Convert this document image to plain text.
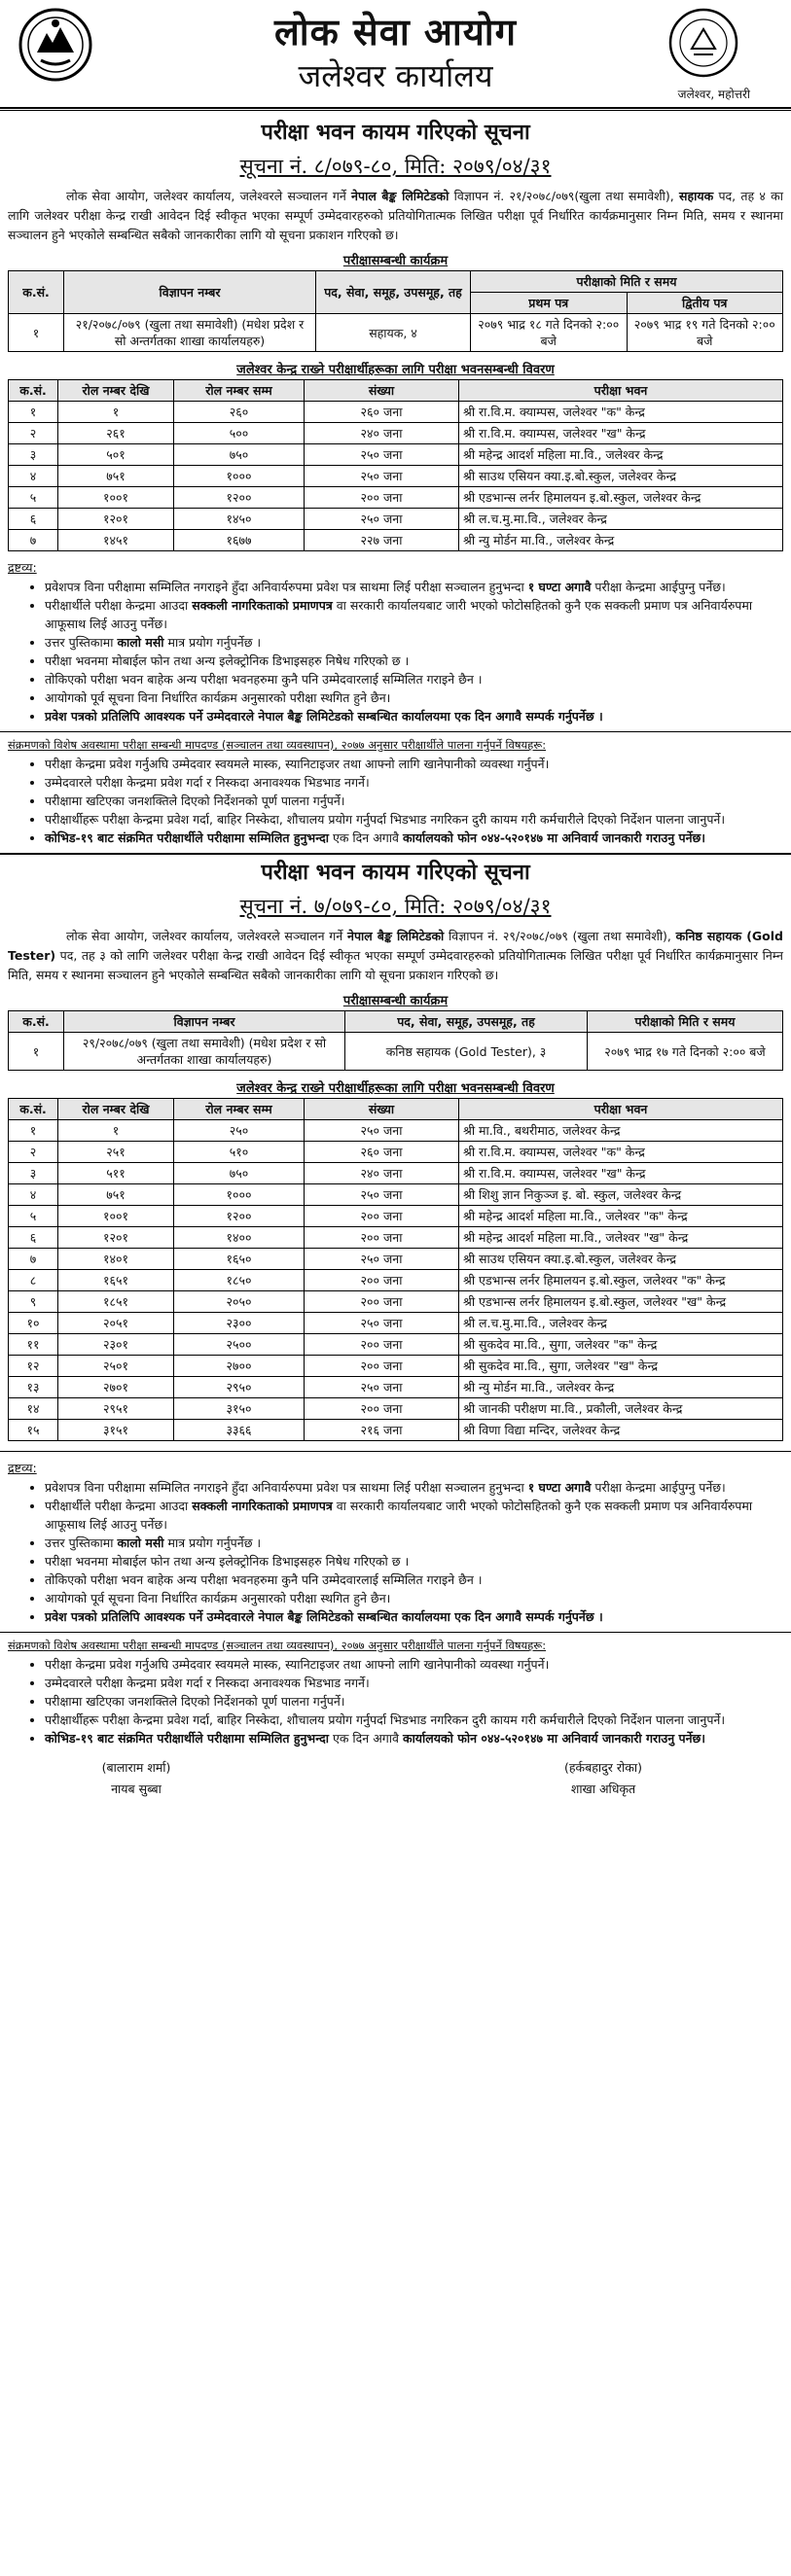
लोक सेवा आयोग
जलेश्वर कार्यालय	जलेश्वर, महोत्तरी
परीक्षा भवन कायम गरिएको सूचना
सूचना नं. ८/०७९-८०, मिति: २०७९/०४/३१

लोक सेवा आयोग, जलेश्वर कार्यालय, जलेश्वरले सञ्चालन गर्ने नेपाल बैङ्क लिमिटेडको विज्ञापन नं. २१/२०७८/०७९(खुला तथा समावेशी), सहायक पद, तह ४ का लागि जलेश्वर परीक्षा केन्द्र राखी आवेदन दिई स्वीकृत भएका सम्पूर्ण उम्मेदवारहरुको प्रतियोगितात्मक लिखित परीक्षा पूर्व निर्धारित कार्यक्रमानुसार निम्न मिति, समय र स्थानमा सञ्चालन हुने भएकोले सम्बन्धित सबैको जानकारीका लागि यो सूचना प्रकाशन गरिएको छ।

परीक्षासम्बन्धी कार्यक्रम
क.सं.	विज्ञापन नम्बर	पद, सेवा, समूह, उपसमूह, तह	परीक्षाको मिति र समय	
			प्रथम पत्र	द्वितीय पत्र
१	२१/२०७८/०७९ (खुला तथा समावेशी) (मधेश प्रदेश र सो अन्तर्गतका शाखा कार्यालयहरु)	सहायक, ४	२०७९ भाद्र १८ गते दिनको २:०० बजे	२०७९ भाद्र १९ गते दिनको २:०० बजे
जलेश्वर केन्द्र राख्ने परीक्षार्थीहरूका लागि परीक्षा भवनसम्बन्धी विवरण
क.सं.	रोल नम्बर देखि	रोल नम्बर सम्म	संख्या	परीक्षा भवन
१	१	२६०	२६० जना	श्री रा.वि.म. क्याम्पस, जलेश्वर "क" केन्द्र
२	२६१	५००	२४० जना	श्री रा.वि.म. क्याम्पस, जलेश्वर "ख" केन्द्र
३	५०१	७५०	२५० जना	श्री महेन्द्र आदर्श महिला मा.वि., जलेश्वर केन्द्र
४	७५१	१०००	२५० जना	श्री साउथ एसियन क्या.इ.बो.स्कुल, जलेश्वर केन्द्र
५	१००१	१२००	२०० जना	श्री एडभान्स लर्नर हिमालयन इ.बो.स्कुल, जलेश्वर केन्द्र
६	१२०१	१४५०	२५० जना	श्री ल.च.मु.मा.वि., जलेश्वर केन्द्र
७	१४५१	१६७७	२२७ जना	श्री न्यु मोर्डन मा.वि., जलेश्वर केन्द्र
द्रष्टव्य:
• प्रवेशपत्र विना परीक्षामा सम्मिलित नगराइने हुँदा अनिवार्यरुपमा प्रवेश पत्र साथमा लिई परीक्षा सञ्चालन हुनुभन्दा १ घण्टा अगावै परीक्षा केन्द्रमा आईपुग्नु पर्नेछ।
• परीक्षार्थीले परीक्षा केन्द्रमा आउदा सक्कली नागरिकताको प्रमाणपत्र वा सरकारी कार्यालयबाट जारी भएको फोटोसहितको कुनै एक सक्कली प्रमाण पत्र अनिवार्यरुपमा आफूसाथ लिई आउनु पर्नेछ।
• उत्तर पुस्तिकामा कालो मसी मात्र प्रयोग गर्नुपर्नेछ ।
• परीक्षा भवनमा मोबाईल फोन तथा अन्य इलेक्ट्रोनिक डिभाइसहरु निषेध गरिएको छ ।
• तोकिएको परीक्षा भवन बाहेक अन्य परीक्षा भवनहरुमा कुनै पनि उम्मेदवारलाई सम्मिलित गराइने छैन ।
• आयोगको पूर्व सूचना विना निर्धारित कार्यक्रम अनुसारको परीक्षा स्थगित हुने छैन।
• प्रवेश पत्रको प्रतिलिपि आवश्यक पर्ने उम्मेदवारले नेपाल बैङ्क लिमिटेडको सम्बन्धित कार्यालयमा एक दिन अगावै सम्पर्क गर्नुपर्नेछ ।
संक्रमणको विशेष अवस्थामा परीक्षा सम्बन्धी मापदण्ड (सञ्चालन तथा व्यवस्थापन), २०७७ अनुसार परीक्षार्थीले पालना गर्नुपर्ने विषयहरू:
• परीक्षा केन्द्रमा प्रवेश गर्नुअघि उम्मेदवार स्वयमले मास्क, स्यानिटाइजर तथा आफ्नो लागि खानेपानीको व्यवस्था गर्नुपर्ने।
• उम्मेदवारले परीक्षा केन्द्रमा प्रवेश गर्दा र निस्कदा अनावश्यक भिडभाड नगर्ने।
• परीक्षामा खटिएका जनशक्तिले दिएको निर्देशनको पूर्ण पालना गर्नुपर्ने।
• परीक्षार्थीहरू परीक्षा केन्द्रमा प्रवेश गर्दा, बाहिर निस्केदा, शौचालय प्रयोग गर्नुपर्दा भिडभाड नगरिकन दुरी कायम गरी कर्मचारीले दिएको निर्देशन पालना जानुपर्ने।
• कोभिड-१९ बाट संक्रमित परीक्षार्थीले परीक्षामा सम्मिलित हुनुभन्दा एक दिन अगावै कार्यालयको फोन ०४४-५२०१४७ मा अनिवार्य जानकारी गराउनु पर्नेछ।
परीक्षा भवन कायम गरिएको सूचना
सूचना नं. ७/०७९-८०, मिति: २०७९/०४/३१

लोक सेवा आयोग, जलेश्वर कार्यालय, जलेश्वरले सञ्चालन गर्ने नेपाल बैङ्क लिमिटेडको विज्ञापन नं. २९/२०७८/०७९ (खुला तथा समावेशी), कनिष्ठ सहायक (Gold Tester) पद, तह ३ को लागि जलेश्वर परीक्षा केन्द्र राखी आवेदन दिई स्वीकृत भएका सम्पूर्ण उम्मेदवारहरुको प्रतियोगितात्मक लिखित परीक्षा पूर्व निर्धारित कार्यक्रमानुसार निम्न मिति, समय र स्थानमा सञ्चालन हुने भएकोले सम्बन्धित सबैको जानकारीका लागि यो सूचना प्रकाशन गरिएको छ।

परीक्षासम्बन्धी कार्यक्रम
क.सं.	विज्ञापन नम्बर	पद, सेवा, समूह, उपसमूह, तह	परीक्षाको मिति र समय
१	२९/२०७८/०७९ (खुला तथा समावेशी) (मधेश प्रदेश र सो अन्तर्गतका शाखा कार्यालयहरु)	कनिष्ठ सहायक (Gold Tester), ३	२०७९ भाद्र १७ गते दिनको २:०० बजे
जलेश्वर केन्द्र राख्ने परीक्षार्थीहरूका लागि परीक्षा भवनसम्बन्धी विवरण
क.सं.	रोल नम्बर देखि	रोल नम्बर सम्म	संख्या	परीक्षा भवन
१	१	२५०	२५० जना	श्री मा.वि., बथरीमाठ, जलेश्वर केन्द्र
२	२५१	५१०	२६० जना	श्री रा.वि.म. क्याम्पस, जलेश्वर "क" केन्द्र
३	५११	७५०	२४० जना	श्री रा.वि.म. क्याम्पस, जलेश्वर "ख" केन्द्र
४	७५१	१०००	२५० जना	श्री शिशु ज्ञान निकुञ्ज इ. बो. स्कुल, जलेश्वर केन्द्र
५	१००१	१२००	२०० जना	श्री महेन्द्र आदर्श महिला मा.वि., जलेश्वर "क" केन्द्र
६	१२०१	१४००	२०० जना	श्री महेन्द्र आदर्श महिला मा.वि., जलेश्वर "ख" केन्द्र
७	१४०१	१६५०	२५० जना	श्री साउथ एसियन क्या.इ.बो.स्कुल, जलेश्वर केन्द्र
८	१६५१	१८५०	२०० जना	श्री एडभान्स लर्नर हिमालयन इ.बो.स्कुल, जलेश्वर "क" केन्द्र
९	१८५१	२०५०	२०० जना	श्री एडभान्स लर्नर हिमालयन इ.बो.स्कुल, जलेश्वर "ख" केन्द्र
१०	२०५१	२३००	२५० जना	श्री ल.च.मु.मा.वि., जलेश्वर केन्द्र
११	२३०१	२५००	२०० जना	श्री सुकदेव मा.वि., सुगा, जलेश्वर "क" केन्द्र
१२	२५०१	२७००	२०० जना	श्री सुकदेव मा.वि., सुगा, जलेश्वर "ख" केन्द्र
१३	२७०१	२९५०	२५० जना	श्री न्यु मोर्डन मा.वि., जलेश्वर केन्द्र
१४	२९५१	३१५०	२०० जना	श्री जानकी परीक्षण मा.वि., प्रकौली, जलेश्वर केन्द्र
१५	३१५१	३३६६	२१६ जना	श्री विणा विद्या मन्दिर, जलेश्वर केन्द्र
द्रष्टव्य:
• प्रवेशपत्र विना परीक्षामा सम्मिलित नगराइने हुँदा अनिवार्यरुपमा प्रवेश पत्र साथमा लिई परीक्षा सञ्चालन हुनुभन्दा १ घण्टा अगावै परीक्षा केन्द्रमा आईपुग्नु पर्नेछ।
• परीक्षार्थीले परीक्षा केन्द्रमा आउदा सक्कली नागरिकताको प्रमाणपत्र वा सरकारी कार्यालयबाट जारी भएको फोटोसहितको कुनै एक सक्कली प्रमाण पत्र अनिवार्यरुपमा आफूसाथ लिई आउनु पर्नेछ।
• उत्तर पुस्तिकामा कालो मसी मात्र प्रयोग गर्नुपर्नेछ ।
• परीक्षा भवनमा मोबाईल फोन तथा अन्य इलेक्ट्रोनिक डिभाइसहरु निषेध गरिएको छ ।
• तोकिएको परीक्षा भवन बाहेक अन्य परीक्षा भवनहरुमा कुनै पनि उम्मेदवारलाई सम्मिलित गराइने छैन ।
• आयोगको पूर्व सूचना विना निर्धारित कार्यक्रम अनुसारको परीक्षा स्थगित हुने छैन।
• प्रवेश पत्रको प्रतिलिपि आवश्यक पर्ने उम्मेदवारले नेपाल बैङ्क लिमिटेडको सम्बन्धित कार्यालयमा एक दिन अगावै सम्पर्क गर्नुपर्नेछ ।
संक्रमणको विशेष अवस्थामा परीक्षा सम्बन्धी मापदण्ड (सञ्चालन तथा व्यवस्थापन), २०७७ अनुसार परीक्षार्थीले पालना गर्नुपर्ने विषयहरू:
• परीक्षा केन्द्रमा प्रवेश गर्नुअघि उम्मेदवार स्वयमले मास्क, स्यानिटाइजर तथा आफ्नो लागि खानेपानीको व्यवस्था गर्नुपर्ने।
• उम्मेदवारले परीक्षा केन्द्रमा प्रवेश गर्दा र निस्कदा अनावश्यक भिडभाड नगर्ने।
• परीक्षामा खटिएका जनशक्तिले दिएको निर्देशनको पूर्ण पालना गर्नुपर्ने।
• परीक्षार्थीहरू परीक्षा केन्द्रमा प्रवेश गर्दा, बाहिर निस्केदा, शौचालय प्रयोग गर्नुपर्दा भिडभाड नगरिकन दुरी कायम गरी कर्मचारीले दिएको निर्देशन पालना जानुपर्ने।
• कोभिड-१९ बाट संक्रमित परीक्षार्थीले परीक्षामा सम्मिलित हुनुभन्दा एक दिन अगावै कार्यालयको फोन ०४४-५२०१४७ मा अनिवार्य जानकारी गराउनु पर्नेछ।
(बालाराम शर्मा)
नायब सुब्बा
(हर्कबहादुर रोका)
शाखा अधिकृत
